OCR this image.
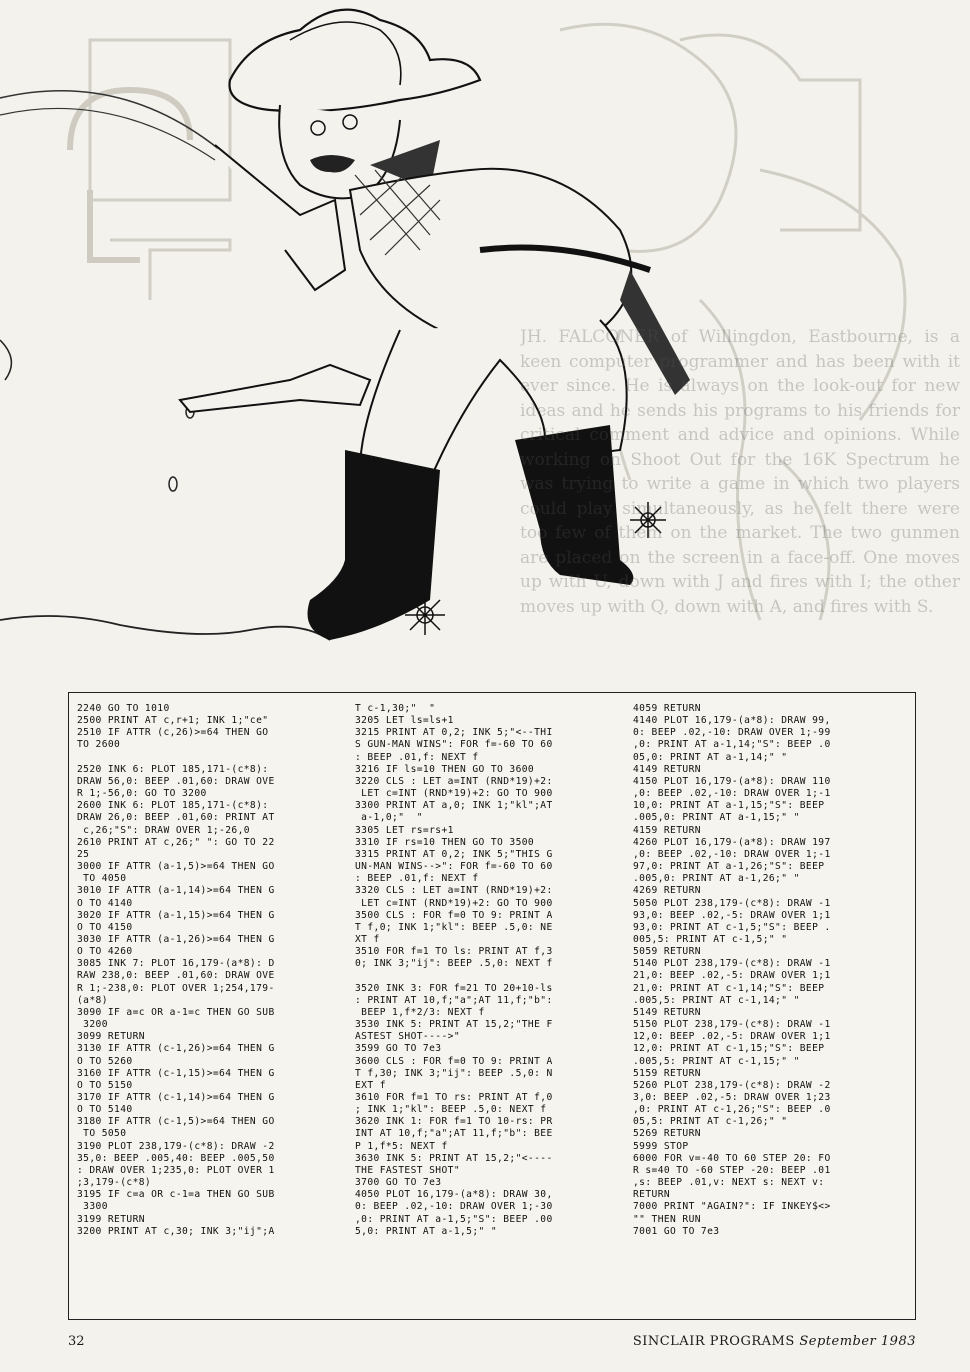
JH. FALCONER of Willingdon, Eastbourne, is a keen computer programmer and has been with it ever since. He is always on the look-out for new ideas and he sends his programs to his friends for critical comment and advice and opinions. While working on Shoot Out for the 16K Spectrum he was trying to write a game in which two players could play simultaneously, as he felt there were too few of them on the market. The two gunmen are placed on the screen in a face-off. One moves up with U, down with J and fires with I; the other moves up with Q, down with A, and fires with S.
2240 GO TO 1010
2500 PRINT AT c,r+1; INK 1;"ce"
2510 IF ATTR (c,26)>=64 THEN GO
TO 2600

2520 INK 6: PLOT 185,171-(c*8):
DRAW 56,0: BEEP .01,60: DRAW OVE
R 1;-56,0: GO TO 3200
2600 INK 6: PLOT 185,171-(c*8):
DRAW 26,0: BEEP .01,60: PRINT AT
c,26;"S": DRAW OVER 1;-26,0
2610 PRINT AT c,26;" ": GO TO 22
25
3000 IF ATTR (a-1,5)>=64 THEN GO
TO 4050
3010 IF ATTR (a-1,14)>=64 THEN G
O TO 4140
3020 IF ATTR (a-1,15)>=64 THEN G
O TO 4150
3030 IF ATTR (a-1,26)>=64 THEN G
O TO 4260
3085 INK 7: PLOT 16,179-(a*8): D
RAW 238,0: BEEP .01,60: DRAW OVE
R 1;-238,0: PLOT OVER 1;254,179-
(a*8)
3090 IF a=c OR a-1=c THEN GO SUB
3200
3099 RETURN
3130 IF ATTR (c-1,26)>=64 THEN G
O TO 5260
3160 IF ATTR (c-1,15)>=64 THEN G
O TO 5150
3170 IF ATTR (c-1,14)>=64 THEN G
O TO 5140
3180 IF ATTR (c-1,5)>=64 THEN GO
TO 5050
3190 PLOT 238,179-(c*8): DRAW -2
35,0: BEEP .005,40: BEEP .005,50
: DRAW OVER 1;235,0: PLOT OVER 1
;3,179-(c*8)
3195 IF c=a OR c-1=a THEN GO SUB
3300
3199 RETURN
3200 PRINT AT c,30; INK 3;"ij";A
T c-1,30;"  "
3205 LET ls=ls+1
3215 PRINT AT 0,2; INK 5;"<--THI
S GUN-MAN WINS": FOR f=-60 TO 60
: BEEP .01,f: NEXT f
3216 IF ls=10 THEN GO TO 3600
3220 CLS : LET a=INT (RND*19)+2:
LET c=INT (RND*19)+2: GO TO 900
3300 PRINT AT a,0; INK 1;"kl";AT
a-1,0;"  "
3305 LET rs=rs+1
3310 IF rs=10 THEN GO TO 3500
3315 PRINT AT 0,2; INK 5;"THIS G
UN-MAN WINS-->": FOR f=-60 TO 60
: BEEP .01,f: NEXT f
3320 CLS : LET a=INT (RND*19)+2:
LET c=INT (RND*19)+2: GO TO 900
3500 CLS : FOR f=0 TO 9: PRINT A
T f,0; INK 1;"kl": BEEP .5,0: NE
XT f
3510 FOR f=1 TO ls: PRINT AT f,3
0; INK 3;"ij": BEEP .5,0: NEXT f

3520 INK 3: FOR f=21 TO 20+10-ls
: PRINT AT 10,f;"a";AT 11,f;"b":
BEEP 1,f*2/3: NEXT f
3530 INK 5: PRINT AT 15,2;"THE F
ASTEST SHOT---->"
3599 GO TO 7e3
3600 CLS : FOR f=0 TO 9: PRINT A
T f,30; INK 3;"ij": BEEP .5,0: N
EXT f
3610 FOR f=1 TO rs: PRINT AT f,0
; INK 1;"kl": BEEP .5,0: NEXT f
3620 INK 1: FOR f=1 TO 10-rs: PR
INT AT 10,f;"a";AT 11,f;"b": BEE
P 1,f*5: NEXT f
3630 INK 5: PRINT AT 15,2;"<----
THE FASTEST SHOT"
3700 GO TO 7e3
4050 PLOT 16,179-(a*8): DRAW 30,
0: BEEP .02,-10: DRAW OVER 1;-30
,0: PRINT AT a-1,5;"S": BEEP .00
5,0: PRINT AT a-1,5;" "
4059 RETURN
4140 PLOT 16,179-(a*8): DRAW 99,
0: BEEP .02,-10: DRAW OVER 1;-99
,0: PRINT AT a-1,14;"S": BEEP .0
05,0: PRINT AT a-1,14;" "
4149 RETURN
4150 PLOT 16,179-(a*8): DRAW 110
,0: BEEP .02,-10: DRAW OVER 1;-1
10,0: PRINT AT a-1,15;"S": BEEP
.005,0: PRINT AT a-1,15;" "
4159 RETURN
4260 PLOT 16,179-(a*8): DRAW 197
,0: BEEP .02,-10: DRAW OVER 1;-1
97,0: PRINT AT a-1,26;"S": BEEP
.005,0: PRINT AT a-1,26;" "
4269 RETURN
5050 PLOT 238,179-(c*8): DRAW -1
93,0: BEEP .02,-5: DRAW OVER 1;1
93,0: PRINT AT c-1,5;"S": BEEP .
005,5: PRINT AT c-1,5;" "
5059 RETURN
5140 PLOT 238,179-(c*8): DRAW -1
21,0: BEEP .02,-5: DRAW OVER 1;1
21,0: PRINT AT c-1,14;"S": BEEP
.005,5: PRINT AT c-1,14;" "
5149 RETURN
5150 PLOT 238,179-(c*8): DRAW -1
12,0: BEEP .02,-5: DRAW OVER 1;1
12,0: PRINT AT c-1,15;"S": BEEP
.005,5: PRINT AT c-1,15;" "
5159 RETURN
5260 PLOT 238,179-(c*8): DRAW -2
3,0: BEEP .02,-5: DRAW OVER 1;23
,0: PRINT AT c-1,26;"S": BEEP .0
05,5: PRINT AT c-1,26;" "
5269 RETURN
5999 STOP
6000 FOR v=-40 TO 60 STEP 20: FO
R s=40 TO -60 STEP -20: BEEP .01
,s: BEEP .01,v: NEXT s: NEXT v:
RETURN
7000 PRINT "AGAIN?": IF INKEY$<>
"" THEN RUN
7001 GO TO 7e3
32	SINCLAIR PROGRAMS September 1983
